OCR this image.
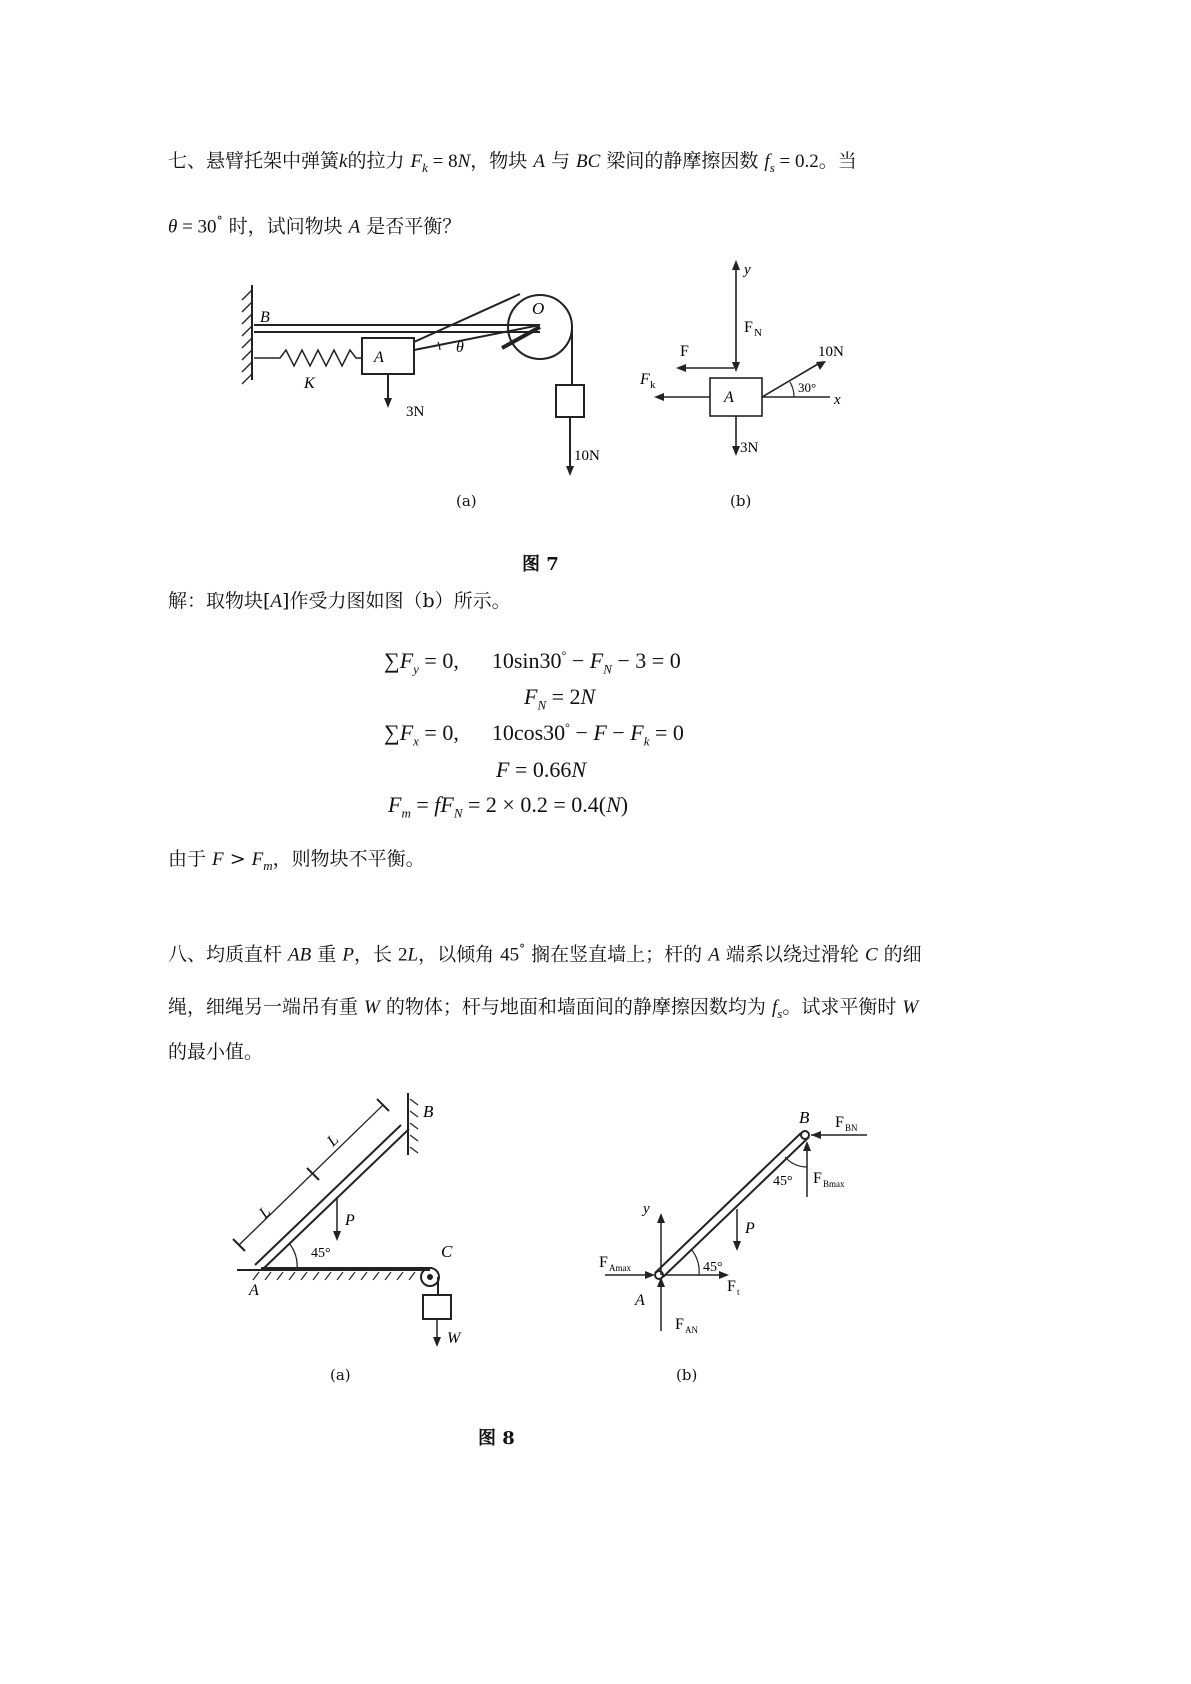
七、悬臂托架中弹簧k的拉力 $F_k = 8N$，物块 A 与 BC 梁间的静摩擦因数 $f_s = 0.2$。当
θ = 30° 时，试问物块 A 是否平衡？
B
A
K
O
θ
3N
10N
y
F N
F
F k
10N
A
30°
x
3N
(a)	(b)
图 7
解：取物块[A]作受力图如图（b）所示。
$\sum F_y = 0$,      $10\sin 30^\circ - F_N - 3 = 0$
$F_N = 2N$
$\sum F_x = 0$,      $10\cos 30^\circ - F - F_k = 0$
F = 0.66N
$F_m = fF_N = 2 \times 0.2 = 0.4(N)$
由于 $F > F_m$，则物块不平衡。
八、均质直杆 AB 重 P，长 2L，以倾角 45° 搁在竖直墙上；杆的 A 端系以绕过滑轮 C 的细
绳，细绳另一端吊有重 W 的物体；杆与地面和墙面间的静摩擦因数均为 $f_s$。试求平衡时 W
的最小值。
L
L
B
P
45°	C
A
W
B F BN
45° F Bmax
y
P
F Amax	45°
F t
A
F AN
(a)	(b)
图 8
